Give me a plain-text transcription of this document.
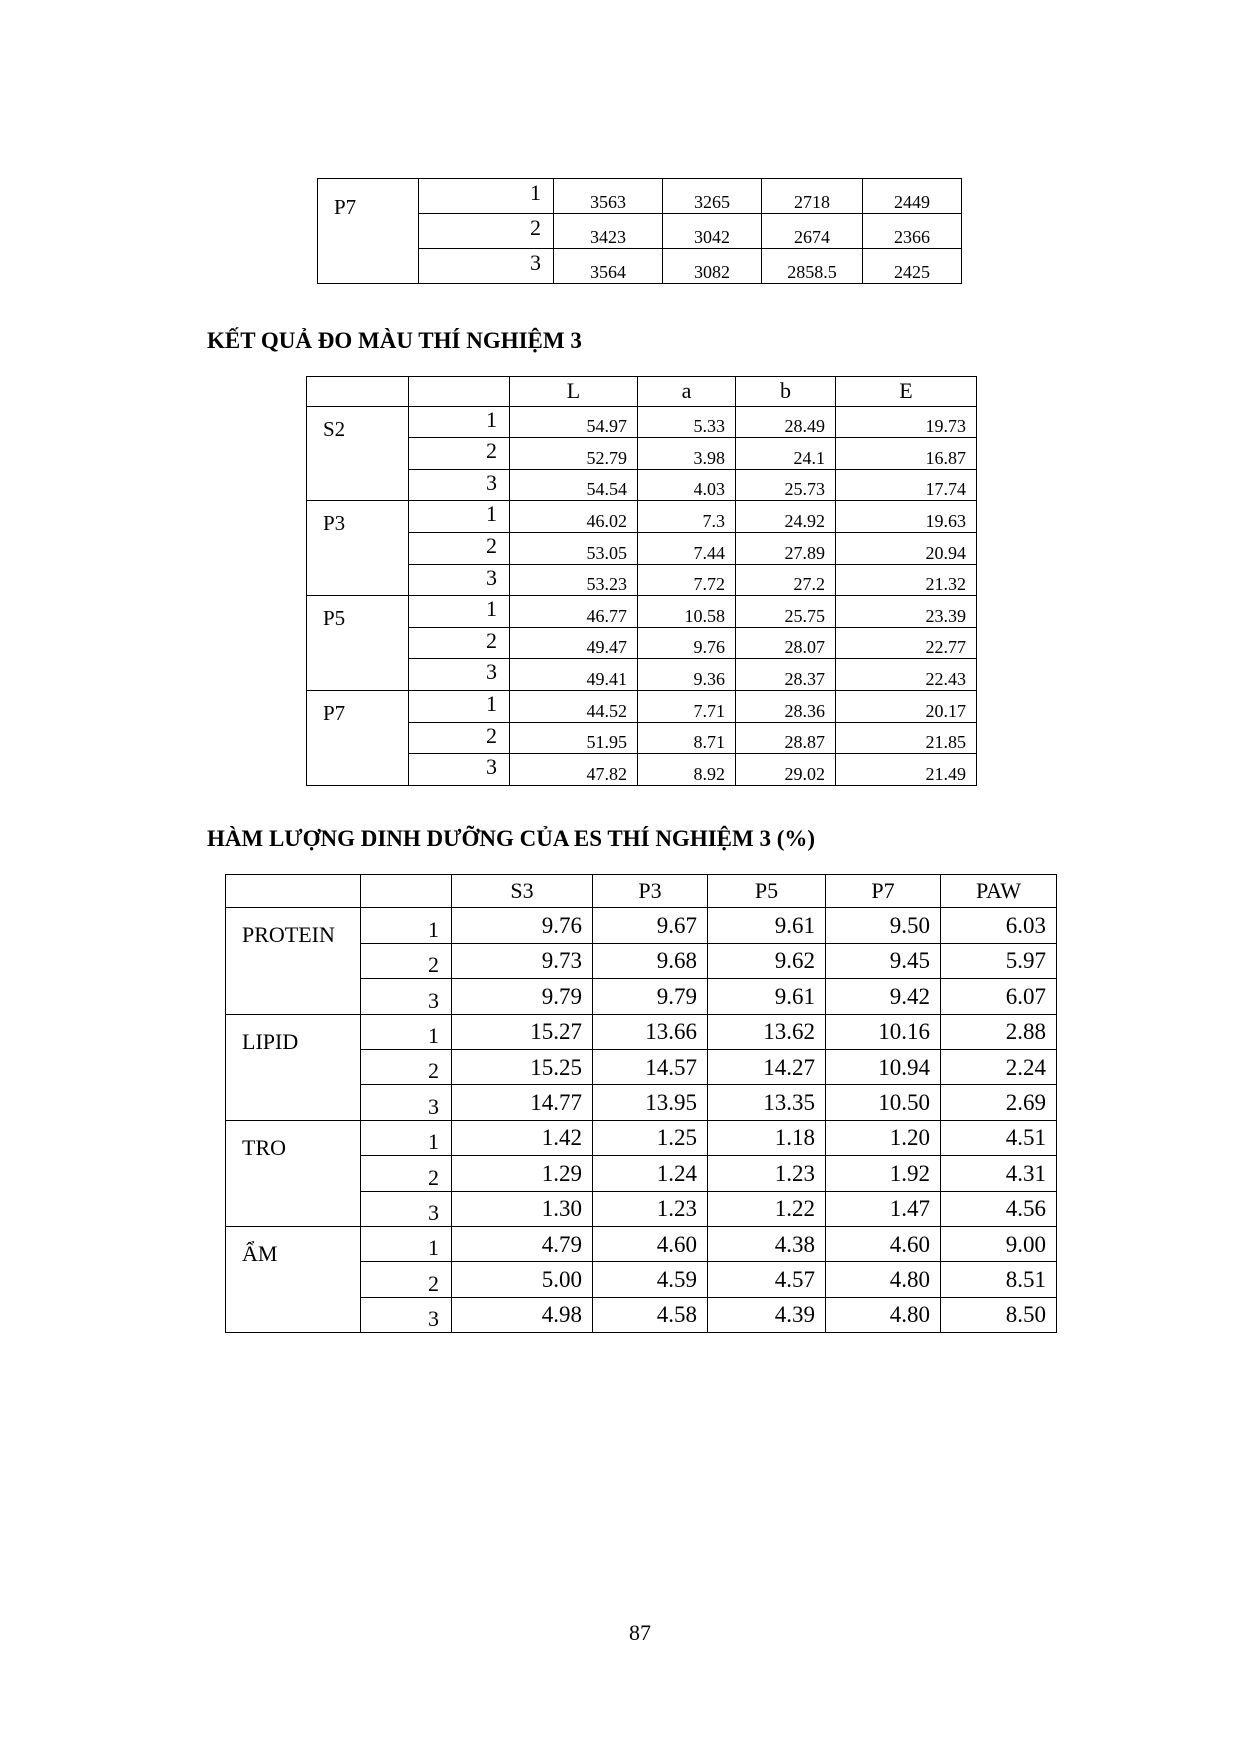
P7	1	3563	3265	2718	2449
	2	3423	3042	2674	2366
	3	3564	3082	2858.5	2425
KẾT QUẢ ĐO MÀU THÍ NGHIỆM 3
		L	a	b	E
S2	1	54.97	5.33	28.49	19.73
	2	52.79	3.98	24.1	16.87
	3	54.54	4.03	25.73	17.74
P3	1	46.02	7.3	24.92	19.63
	2	53.05	7.44	27.89	20.94
	3	53.23	7.72	27.2	21.32
P5	1	46.77	10.58	25.75	23.39
	2	49.47	9.76	28.07	22.77
	3	49.41	9.36	28.37	22.43
P7	1	44.52	7.71	28.36	20.17
	2	51.95	8.71	28.87	21.85
	3	47.82	8.92	29.02	21.49
HÀM LƯỢNG DINH DƯỠNG CỦA ES THÍ NGHIỆM 3 (%)
		S3	P3	P5	P7	PAW
PROTEIN	1	9.76	9.67	9.61	9.50	6.03
	2	9.73	9.68	9.62	9.45	5.97
	3	9.79	9.79	9.61	9.42	6.07
LIPID	1	15.27	13.66	13.62	10.16	2.88
	2	15.25	14.57	14.27	10.94	2.24
	3	14.77	13.95	13.35	10.50	2.69
TRO	1	1.42	1.25	1.18	1.20	4.51
	2	1.29	1.24	1.23	1.92	4.31
	3	1.30	1.23	1.22	1.47	4.56
ẨM	1	4.79	4.60	4.38	4.60	9.00
	2	5.00	4.59	4.57	4.80	8.51
	3	4.98	4.58	4.39	4.80	8.50
87
